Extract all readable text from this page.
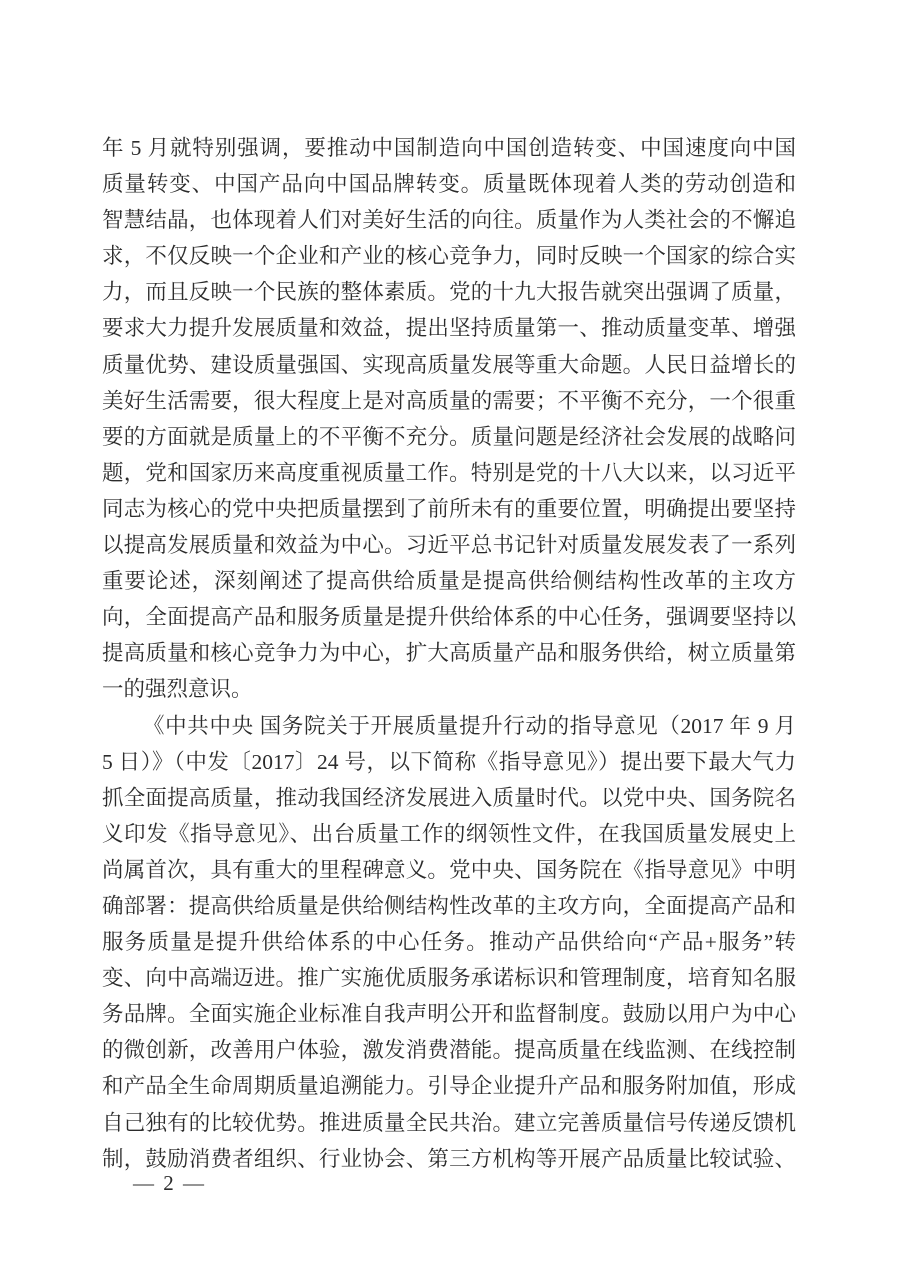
年 5 月就特别强调，要推动中国制造向中国创造转变、中国速度向中国
质量转变、中国产品向中国品牌转变。质量既体现着人类的劳动创造和
智慧结晶，也体现着人们对美好生活的向往。质量作为人类社会的不懈追
求，不仅反映一个企业和产业的核心竞争力，同时反映一个国家的综合实
力，而且反映一个民族的整体素质。党的十九大报告就突出强调了质量，
要求大力提升发展质量和效益，提出坚持质量第一、推动质量变革、增强
质量优势、建设质量强国、实现高质量发展等重大命题。人民日益增长的
美好生活需要，很大程度上是对高质量的需要；不平衡不充分，一个很重
要的方面就是质量上的不平衡不充分。质量问题是经济社会发展的战略问
题，党和国家历来高度重视质量工作。特别是党的十八大以来，以习近平
同志为核心的党中央把质量摆到了前所未有的重要位置，明确提出要坚持
以提高发展质量和效益为中心。习近平总书记针对质量发展发表了一系列
重要论述，深刻阐述了提高供给质量是提高供给侧结构性改革的主攻方
向，全面提高产品和服务质量是提升供给体系的中心任务，强调要坚持以
提高质量和核心竞争力为中心，扩大高质量产品和服务供给，树立质量第
一的强烈意识。
《中共中央 国务院关于开展质量提升行动的指导意见（2017 年 9 月
5 日）》（中发〔2017〕24 号，以下简称《指导意见》）提出要下最大气力
抓全面提高质量，推动我国经济发展进入质量时代。以党中央、国务院名
义印发《指导意见》、出台质量工作的纲领性文件，在我国质量发展史上
尚属首次，具有重大的里程碑意义。党中央、国务院在《指导意见》中明
确部署：提高供给质量是供给侧结构性改革的主攻方向，全面提高产品和
服务质量是提升供给体系的中心任务。推动产品供给向“产品+服务”转
变、向中高端迈进。推广实施优质服务承诺标识和管理制度，培育知名服
务品牌。全面实施企业标准自我声明公开和监督制度。鼓励以用户为中心
的微创新，改善用户体验，激发消费潜能。提高质量在线监测、在线控制
和产品全生命周期质量追溯能力。引导企业提升产品和服务附加值，形成
自己独有的比较优势。推进质量全民共治。建立完善质量信号传递反馈机
制，鼓励消费者组织、行业协会、第三方机构等开展产品质量比较试验、
— 2 —
